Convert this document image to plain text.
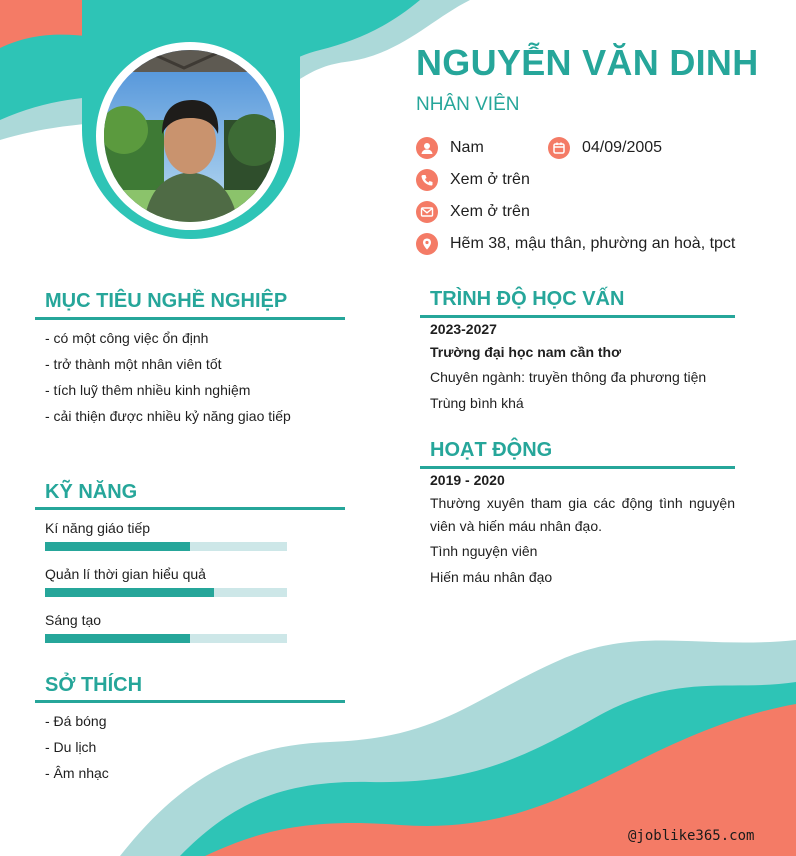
NGUYỄN VĂN DINH
NHÂN VIÊN
Nam	04/09/2005
Xem ở trên
Xem ở trên
Hẽm 38, mậu thân, phường an hoà, tpct
MỤC TIÊU NGHỀ NGHIỆP
- có một công việc ổn định
- trở thành một nhân viên tốt
- tích luỹ thêm nhiều kinh nghiệm
- cải thiện được nhiều kỷ năng giao tiếp
KỸ NĂNG
Kí năng giáo tiếp
Quản lí thời gian hiểu quả
Sáng tạo
SỞ THÍCH
- Đá bóng
- Du lịch
- Âm nhạc
TRÌNH ĐỘ HỌC VẤN
2023-2027
Trường đại học nam cần thơ
Chuyên ngành: truyền thông đa phương tiện
Trùng bình khá
HOẠT ĐỘNG
2019 - 2020
Thường xuyên tham gia các động tình nguyện viên và hiến máu nhân đạo.
Tình nguyện viên
Hiến máu nhân đạo
@joblike365.com
